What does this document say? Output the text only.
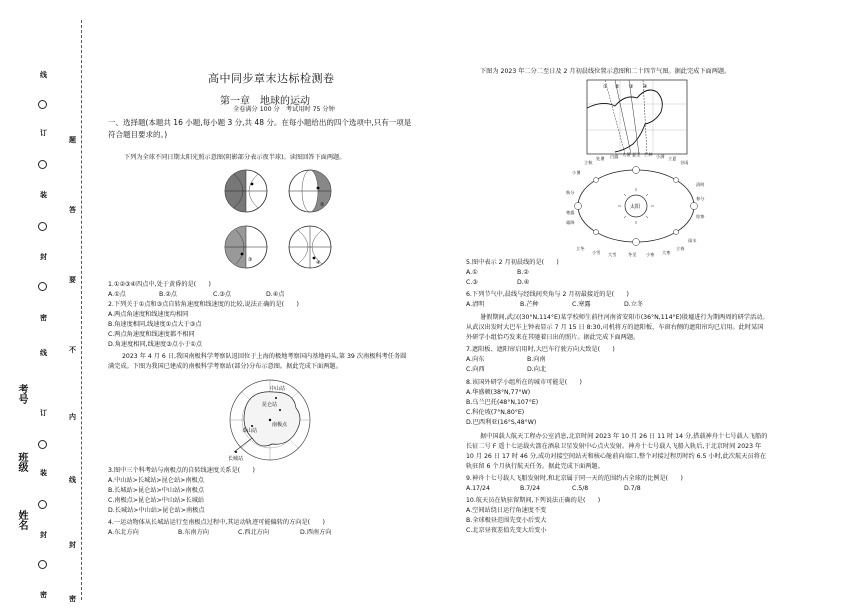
线
订
装
封
密
线
订
装
封
密
题
答
要
不
内
线
封
密
考号
班级
姓名
高中同步章末达标检测卷
第一章　地球的运动
全卷满分 100 分　考试用时 75 分钟
一、选择题(本题共 16 小题,每小题 3 分,共 48 分。在每小题给出的四个选项中,只有一项是
符合题目要求的。)
下列为全球不同日期太阳光照示意图(阴影部分表示夜半球)。读图回答下面两题。
②
③	④
1.①②③④四点中,处于黄昏的是(　　)
A.①点	B.②点	C.③点	D.④点
2.下列关于①点和③点自转角速度和线速度的比较,说法正确的是(　　)
A.两点角速度和线速度均相同
B.角速度相同,线速度①点大于③点
C.两点角速度和线速度都不相同
D.角速度相同,线速度③点小于①点
2023 年 4 月 6 日,我国南极科学考察队返回位于上海的极地考察国内基地码头,第 39 次南极科考任务圆
满完成。下图为我国已建成的南极科学考察站(部分)分布示意图。据此完成下面两题。
中山站
昆仑站
泰山站
南极点
长城站
3.图中三个科考站与南极点的自转线速度关系是(　　)
A.中山站>长城站>昆仑站>南极点
B.长城站>昆仑站>中山站>南极点
C.南极点>昆仑站>中山站>长城站
D.长城站>中山站>昆仑站>南极点
4.一运动物体从长城站运行至南极点过程中,其运动轨迹可能偏转的方向是(　　)
A.东北方向	B.东南方向	C.西北方向	D.西南方向
下图为 2023 年二分二至日及 2 月初晨线位置示意图和二十四节气图。据此完成下面两题。
① ② ③ ④
太阳
立秋
处暑 白露 大暑 夏至 芒种 小满 立夏
谷雨
小暑
秋分
寒露
霜降
清明
春分
惊蛰
立冬
小雪 大雪	冬至 小寒 大寒
立春
雨水
5.图中表示 2 月初晨线的是(　　)
A.①	B.②
C.③	D.④
6.下列节气中,晨线与经线间夹角与 2 月初最接近的是(　　)
A.清明	B.芒种	C.寒露	D.立冬
暑假期间,武汉(30°N,114°E)某学校师生前往河南省安阳市(36°N,114°E)殷墟进行为期两周的研学活动。
从武汉出发时大巴车上钟表显示 7 月 15 日 8:30,司机将方的遮阳板、车窗右侧的遮阳帘均已启用。此时某国
外研学小组恰巧发来在其驰着日出的照片。据此完成下面两题。
7.遮阳板、遮阳帘启用时,大巴车行驶方向大致是(　　)
A.向东	B.向南
C.向西	D.向北
8.该国外研学小组所在的城市可能是(　　)
A.华盛顿(38°N,77°W)
B.乌兰巴托(48°N,107°E)
C.科伦坡(7°N,80°E)
D.巴西利亚(16°S,48°W)
据中国载人航天工程办公室消息,北京时间 2023 年 10 月 26 日 11 时 14 分,搭载神舟十七号载人飞船的
长征二号 F 遥十七运载火箭在酒泉卫星发射中心点火发射。神舟十七号载人飞船入轨后,于北京时间 2023 年
10 月 26 日 17 时 46 分,成功对接空间站天和核心舱前向端口,整个对接过程历时约 6.5 小时,此次航天员将在
轨驻留 6 个月执行航天任务。据此完成下面两题。
9.神舟十七号载人飞船发射时,和北京属于同一天的范围约占全球的比例是(　　)
A.17/24	B.7/24	C.5/8	D.7/8
10.航天员在轨驻留期间,下列说法正确的是(　　)
A.空间站绕日运行角速度不变
B.全球极昼范围先变小后变大
C.北京昼夜差值先变大后变小
